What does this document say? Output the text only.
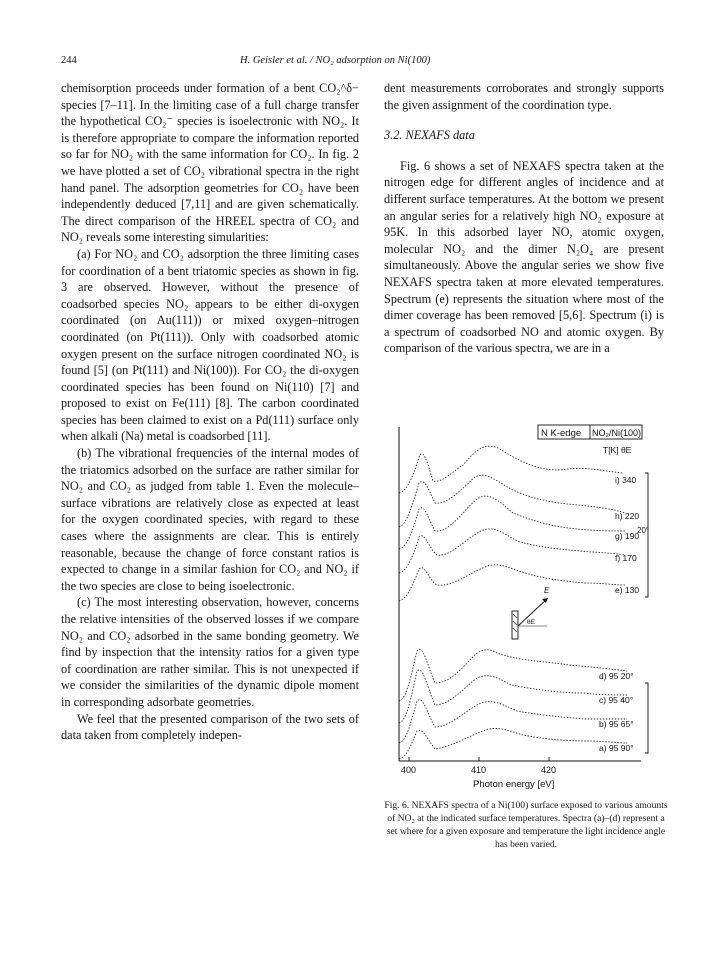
244	H. Geisler et al. / NO₂ adsorption on Ni(100)

chemisorption proceeds under formation of a bent CO₂^δ− species [7–11]. In the limiting case of a full charge transfer the hypothetical CO₂⁻ species is isoelectronic with NO₂. It is therefore appropriate to compare the information reported so far for NO₂ with the same information for CO₂. In fig. 2 we have plotted a set of CO₂ vibrational spectra in the right hand panel. The adsorption geometries for CO₂ have been independently deduced [7,11] and are given schematically. The direct comparison of the HREEL spectra of CO₂ and NO₂ reveals some interesting simularities:

(a) For NO₂ and CO₂ adsorption the three limiting cases for coordination of a bent triatomic species as shown in fig. 3 are observed. However, without the presence of coadsorbed species NO₂ appears to be either di-oxygen coordinated (on Au(111)) or mixed oxygen–nitrogen coordinated (on Pt(111)). Only with coadsorbed atomic oxygen present on the surface nitrogen coordinated NO₂ is found [5] (on Pt(111) and Ni(100)). For CO₂ the di-oxygen coordinated species has been found on Ni(110) [7] and proposed to exist on Fe(111) [8]. The carbon coordinated species has been claimed to exist on a Pd(111) surface only when alkali (Na) metal is coadsorbed [11].

(b) The vibrational frequencies of the internal modes of the triatomics adsorbed on the surface are rather similar for NO₂ and CO₂ as judged from table 1. Even the molecule–surface vibrations are relatively close as expected at least for the oxygen coordinated species, with regard to these cases where the assignments are clear. This is entirely reasonable, because the change of force constant ratios is expected to change in a similar fashion for CO₂ and NO₂ if the two species are close to being isoelectronic.

(c) The most interesting observation, however, concerns the relative intensities of the observed losses if we compare NO₂ and CO₂ adsorbed in the same bonding geometry. We find by inspection that the intensity ratios for a given type of coordination are rather similar. This is not unexpected if we consider the similarities of the dynamic dipole moment in corresponding adsorbate geometries.

We feel that the presented comparison of the two sets of data taken from completely indepen-

dent measurements corroborates and strongly supports the given assignment of the coordination type.

3.2. NEXAFS data

Fig. 6 shows a set of NEXAFS spectra taken at the nitrogen edge for different angles of incidence and at different surface temperatures. At the bottom we present an angular series for a relatively high NO₂ exposure at 95K. In this adsorbed layer NO, atomic oxygen, molecular NO₂ and the dimer N₂O₄ are present simultaneously. Above the angular series we show five NEXAFS spectra taken at more elevated temperatures. Spectrum (e) represents the situation where most of the dimer coverage has been removed [5,6]. Spectrum (i) is a spectrum of coadsorbed NO and atomic oxygen. By comparison of the various spectra, we are in a

N K-edge NO₂/Ni(100)
T[K] θE
i) 340
h) 220
g) 190
f) 170
e) 130
d) 95 20°
c) 95 40°
b) 95 65°
a) 95 90°
20°
E
θE
400	410	420
Photon energy [eV]
Fig. 6. NEXAFS spectra of a Ni(100) surface exposed to various amounts of NO₂ at the indicated surface temperatures. Spectra (a)–(d) represent a set where for a given exposure and temperature the light incidence angle has been varied.
